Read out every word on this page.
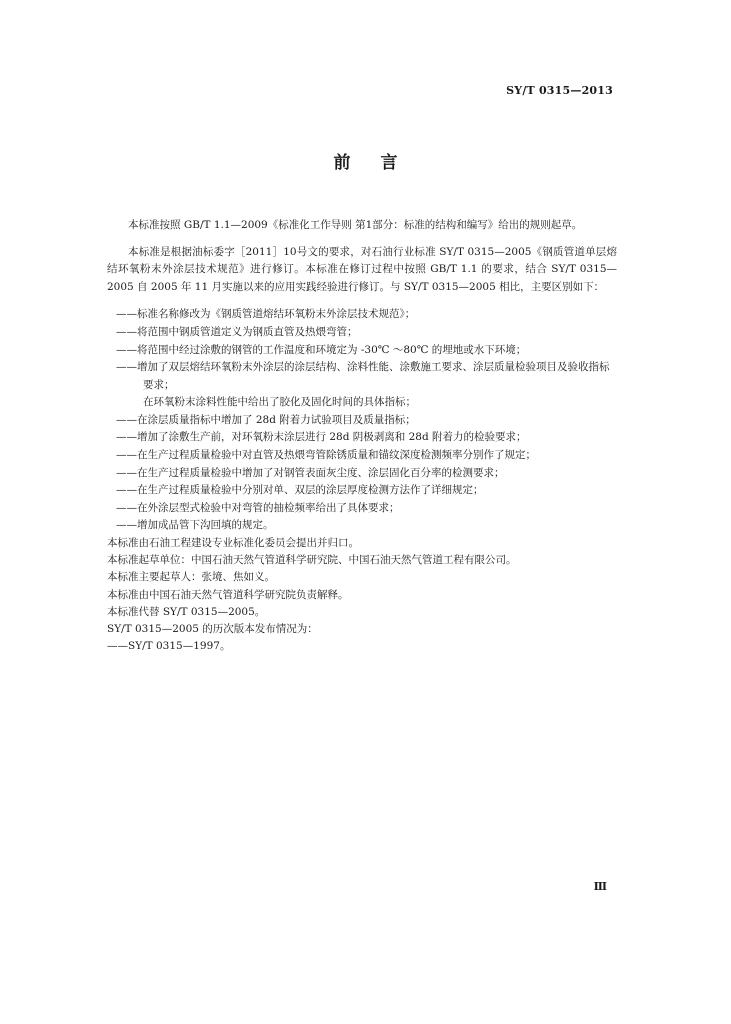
SY/T 0315—2013
前言

本标准按照 GB/T 1.1—2009《标准化工作导则 第1部分：标准的结构和编写》给出的规则起草。

本标准是根据油标委字［2011］10号文的要求，对石油行业标准 SY/T 0315—2005《钢质管道单层熔结环氧粉末外涂层技术规范》进行修订。本标准在修订过程中按照 GB/T 1.1 的要求，结合 SY/T 0315—2005 自 2005 年 11 月实施以来的应用实践经验进行修订。与 SY/T 0315—2005 相比，主要区别如下：

——标准名称修改为《钢质管道熔结环氧粉末外涂层技术规范》；

——将范围中钢质管道定义为钢质直管及热煨弯管；

——将范围中经过涂敷的钢管的工作温度和环境定为 -30℃ ～80℃ 的埋地或水下环境；

——增加了双层熔结环氧粉末外涂层的涂层结构、涂料性能、涂敷施工要求、涂层质量检验项目及验收指标要求；

在环氧粉末涂料性能中给出了胶化及固化时间的具体指标；

——在涂层质量指标中增加了 28d 附着力试验项目及质量指标；

——增加了涂敷生产前，对环氧粉末涂层进行 28d 阴极剥离和 28d 附着力的检验要求；

——在生产过程质量检验中对直管及热煨弯管除锈质量和锚纹深度检测频率分别作了规定；

——在生产过程质量检验中增加了对钢管表面灰尘度、涂层固化百分率的检测要求；

——在生产过程质量检验中分别对单、双层的涂层厚度检测方法作了详细规定；

——在外涂层型式检验中对弯管的抽检频率给出了具体要求；

——增加成品管下沟回填的规定。

本标准由石油工程建设专业标准化委员会提出并归口。

本标准起草单位：中国石油天然气管道科学研究院、中国石油天然气管道工程有限公司。

本标准主要起草人：张境、焦如义。

本标准由中国石油天然气管道科学研究院负责解释。

本标准代替 SY/T 0315—2005。

SY/T 0315—2005 的历次版本发布情况为：

——SY/T 0315—1997。

Ⅲ
